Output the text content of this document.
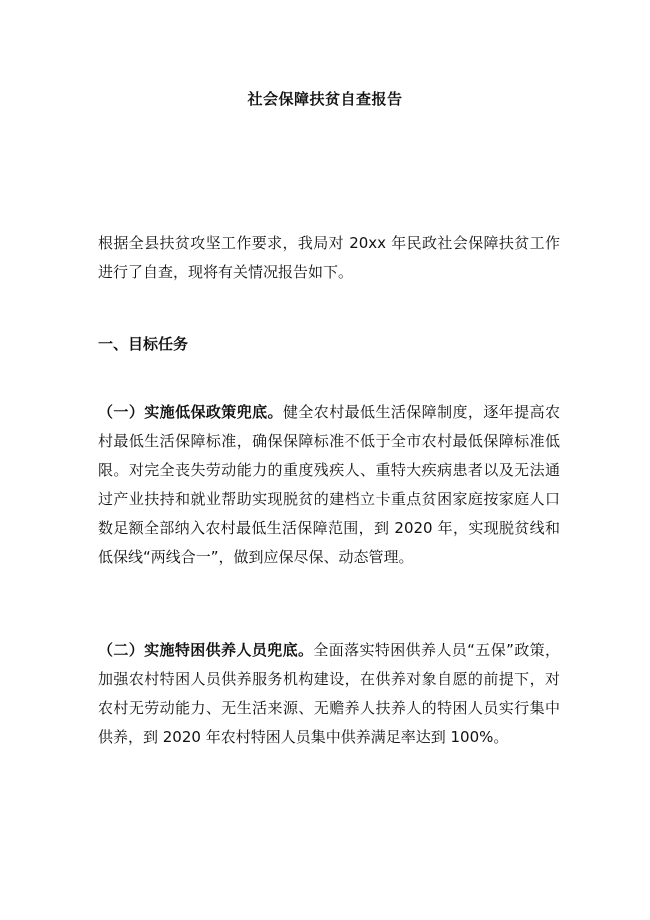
社会保障扶贫自查报告
根据全县扶贫攻坚工作要求，我局对 20xx 年民政社会保障扶贫工作进行了自查，现将有关情况报告如下。
一、目标任务
（一）实施低保政策兜底。健全农村最低生活保障制度，逐年提高农村最低生活保障标准，确保保障标准不低于全市农村最低保障标准低限。对完全丧失劳动能力的重度残疾人、重特大疾病患者以及无法通过产业扶持和就业帮助实现脱贫的建档立卡重点贫困家庭按家庭人口数足额全部纳入农村最低生活保障范围，到 2020 年，实现脱贫线和低保线“两线合一”，做到应保尽保、动态管理。
（二）实施特困供养人员兜底。全面落实特困供养人员“五保”政策，加强农村特困人员供养服务机构建设，在供养对象自愿的前提下，对农村无劳动能力、无生活来源、无赡养人扶养人的特困人员实行集中供养，到 2020 年农村特困人员集中供养满足率达到 100%。
